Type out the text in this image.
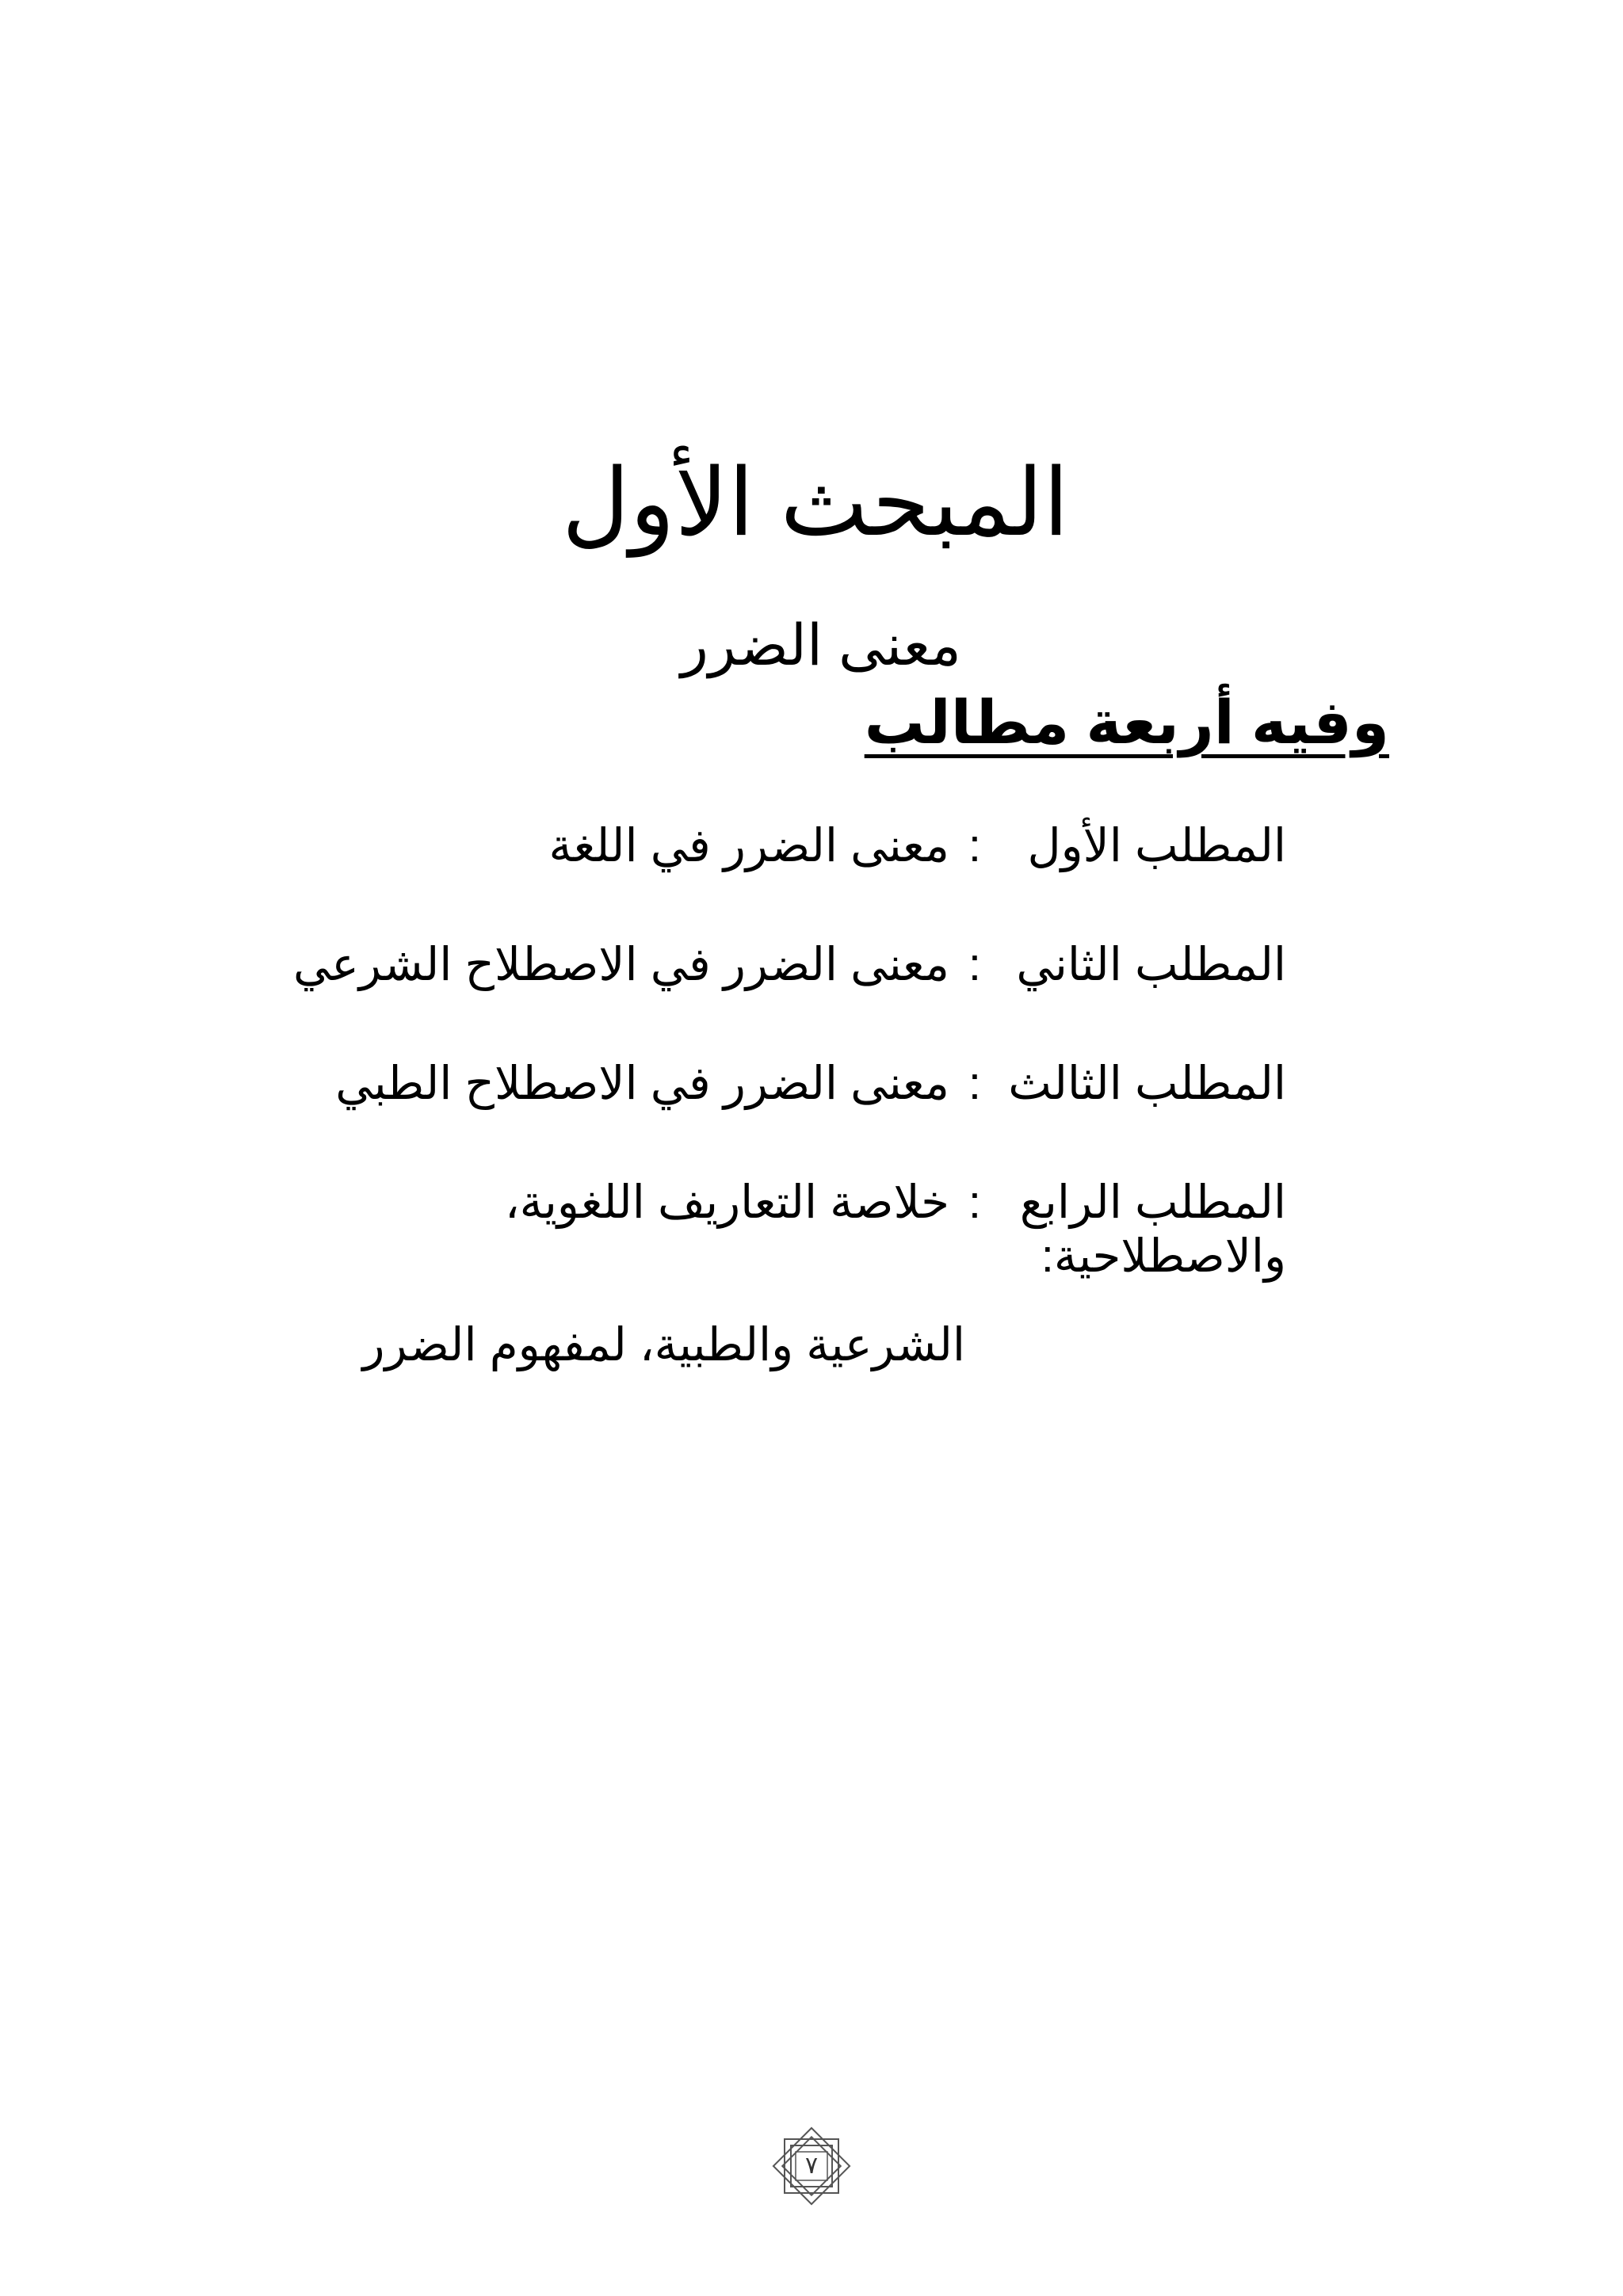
المبحث الأول
معنى الضرر
وفيه أربعة مطالب
المطلب الأول:معنى الضرر في اللغة
المطلب الثاني:معنى الضرر في الاصطلاح الشرعي
المطلب الثالث:معنى الضرر في الاصطلاح الطبي
المطلب الرابع:خلاصة التعاريف اللغوية،
والاصطلاحية:
الشرعية والطبية، لمفهوم الضرر
٧
